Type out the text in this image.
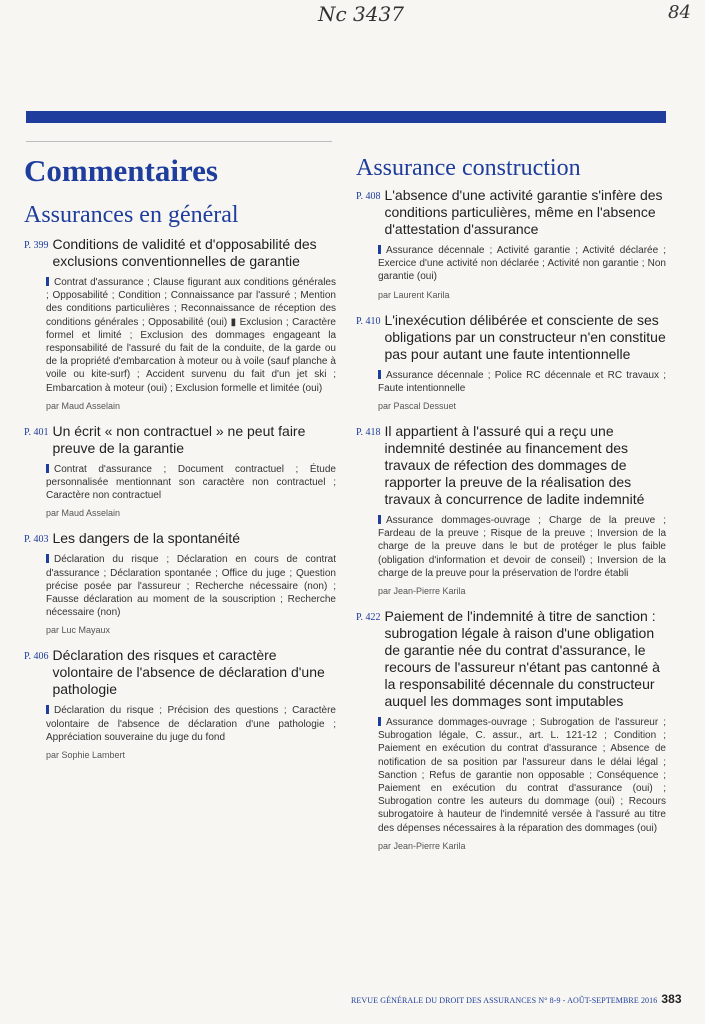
Nc 3437	84
Commentaires
Assurances en général
P. 399 Conditions de validité et d'opposabilité des exclusions conventionnelles de garantie

Contrat d'assurance ; Clause figurant aux conditions générales ; Opposabilité ; Condition ; Connaissance par l'assuré ; Mention des conditions particulières ; Reconnaissance de réception des conditions générales ; Opposabilité (oui) ▮ Exclusion ; Caractère formel et limité ; Exclusion des dommages engageant la responsabilité de l'assuré du fait de la conduite, de la garde ou de la propriété d'embarcation à moteur ou à voile (sauf planche à voile ou kite-surf) ; Accident survenu du fait d'un jet ski ; Embarcation à moteur (oui) ; Exclusion formelle et limitée (oui)

par Maud Asselain
P. 401 Un écrit « non contractuel » ne peut faire preuve de la garantie

Contrat d'assurance ; Document contractuel ; Étude personnalisée mentionnant son caractère non contractuel ; Caractère non contractuel

par Maud Asselain
P. 403 Les dangers de la spontanéité

Déclaration du risque ; Déclaration en cours de contrat d'assurance ; Déclaration spontanée ; Office du juge ; Question précise posée par l'assureur ; Recherche nécessaire (non) ; Fausse déclaration au moment de la souscription ; Recherche nécessaire (non)

par Luc Mayaux
P. 406 Déclaration des risques et caractère volontaire de l'absence de déclaration d'une pathologie

Déclaration du risque ; Précision des questions ; Caractère volontaire de l'absence de déclaration d'une pathologie ; Appréciation souveraine du juge du fond

par Sophie Lambert
Assurance construction
P. 408 L'absence d'une activité garantie s'infère des conditions particulières, même en l'absence d'attestation d'assurance

Assurance décennale ; Activité garantie ; Activité déclarée ; Exercice d'une activité non déclarée ; Activité non garantie ; Non garantie (oui)

par Laurent Karila
P. 410 L'inexécution délibérée et consciente de ses obligations par un constructeur n'en constitue pas pour autant une faute intentionnelle

Assurance décennale ; Police RC décennale et RC travaux ; Faute intentionnelle

par Pascal Dessuet
P. 418 Il appartient à l'assuré qui a reçu une indemnité destinée au financement des travaux de réfection des dommages de rapporter la preuve de la réalisation des travaux à concurrence de ladite indemnité

Assurance dommages-ouvrage ; Charge de la preuve ; Fardeau de la preuve ; Risque de la preuve ; Inversion de la charge de la preuve dans le but de protéger le plus faible (obligation d'information et devoir de conseil) ; Inversion de la charge de la preuve pour la préservation de l'ordre établi

par Jean-Pierre Karila
P. 422 Paiement de l'indemnité à titre de sanction : subrogation légale à raison d'une obligation de garantie née du contrat d'assurance, le recours de l'assureur n'étant pas cantonné à la responsabilité décennale du constructeur auquel les dommages sont imputables

Assurance dommages-ouvrage ; Subrogation de l'assureur ; Subrogation légale, C. assur., art. L. 121-12 ; Condition ; Paiement en exécution du contrat d'assurance ; Absence de notification de sa position par l'assureur dans le délai légal ; Sanction ; Refus de garantie non opposable ; Conséquence ; Paiement en exécution du contrat d'assurance (oui) ; Subrogation contre les auteurs du dommage (oui) ; Recours subrogatoire à hauteur de l'indemnité versée à l'assuré au titre des dépenses nécessaires à la réparation des dommages (oui)

par Jean-Pierre Karila
REVUE GÉNÉRALE DU DROIT DES ASSURANCES N° 8-9 - AOÛT-SEPTEMBRE 2016 383
